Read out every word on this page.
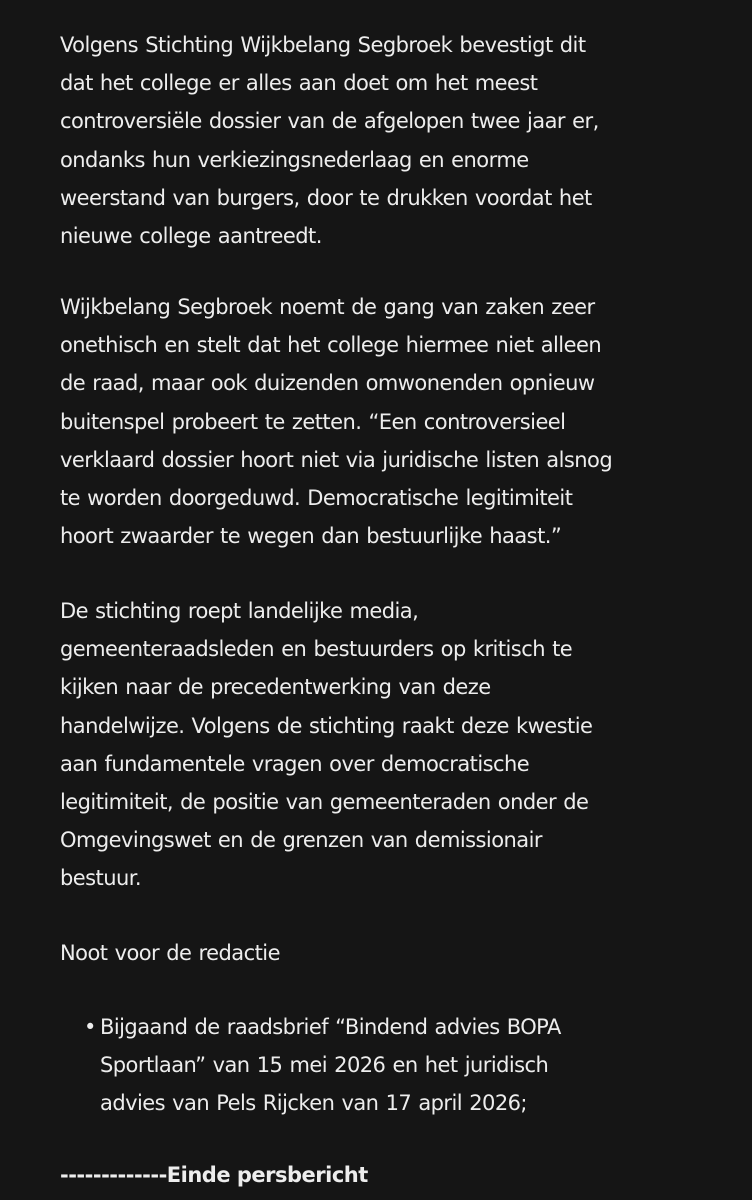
Volgens Stichting Wijkbelang Segbroek bevestigt dit
dat het college er alles aan doet om het meest
controversiële dossier van de afgelopen twee jaar er,
ondanks hun verkiezingsnederlaag en enorme
weerstand van burgers, door te drukken voordat het
nieuwe college aantreedt.
Wijkbelang Segbroek noemt de gang van zaken zeer
onethisch en stelt dat het college hiermee niet alleen
de raad, maar ook duizenden omwonenden opnieuw
buitenspel probeert te zetten. “Een controversieel
verklaard dossier hoort niet via juridische listen alsnog
te worden doorgeduwd. Democratische legitimiteit
hoort zwaarder te wegen dan bestuurlijke haast.”
De stichting roept landelijke media,
gemeenteraadsleden en bestuurders op kritisch te
kijken naar de precedentwerking van deze
handelwijze. Volgens de stichting raakt deze kwestie
aan fundamentele vragen over democratische
legitimiteit, de positie van gemeenteraden onder de
Omgevingswet en de grenzen van demissionair
bestuur.
Noot voor de redactie
• Bijgaand de raadsbrief “Bindend advies BOPA
Sportlaan” van 15 mei 2026 en het juridisch
advies van Pels Rijcken van 17 april 2026;
-------------Einde persbericht
